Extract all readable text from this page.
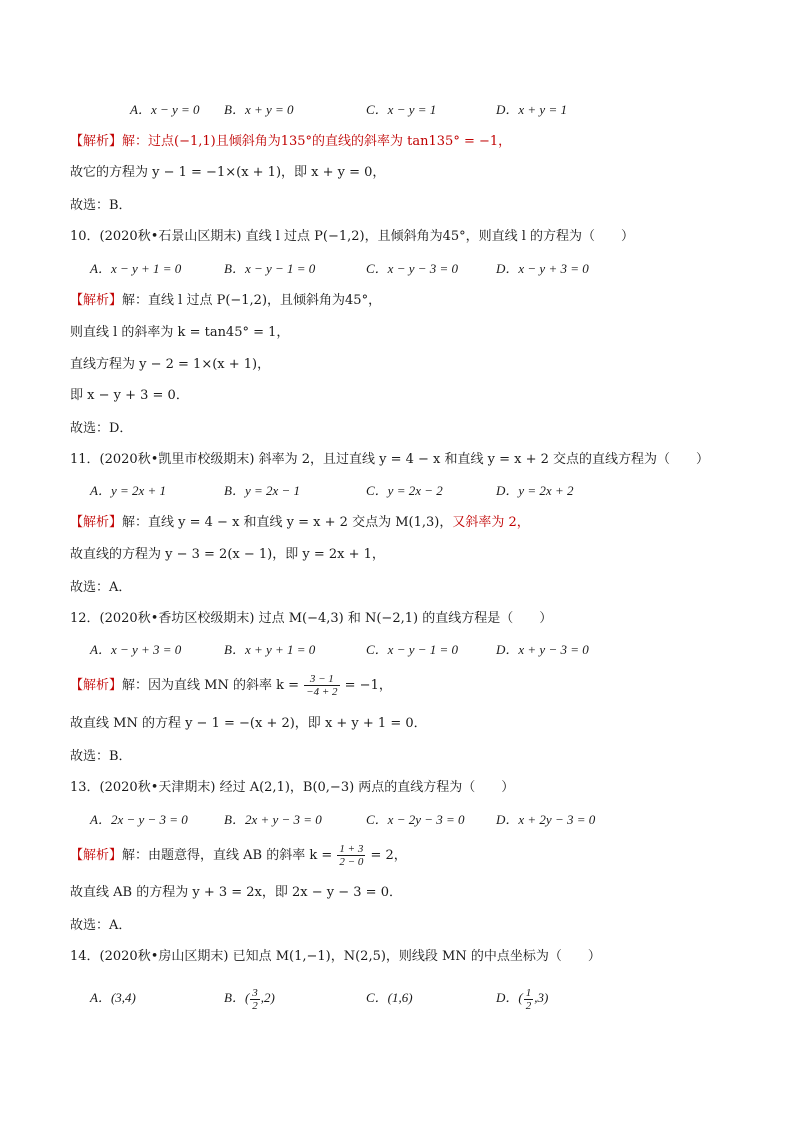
A．x − y = 0 B．x + y = 0	C．x − y = 1	D．x + y = 1
【解析】解：过点(−1,1)且倾斜角为135°的直线的斜率为 tan135° = −1，
故它的方程为 y − 1 = −1×(x + 1)，即 x + y = 0，
故选：B．
10．(2020秋•石景山区期末) 直线 l 过点 P(−1,2)，且倾斜角为45°，则直线 l 的方程为（　　）
A．x − y + 1 = 0	B．x − y − 1 = 0	C．x − y − 3 = 0	D．x − y + 3 = 0
【解析】解：直线 l 过点 P(−1,2)，且倾斜角为45°，
则直线 l 的斜率为 k = tan45° = 1，
直线方程为 y − 2 = 1×(x + 1)，
即 x − y + 3 = 0．
故选：D．
11．(2020秋•凯里市校级期末) 斜率为 2，且过直线 y = 4 − x 和直线 y = x + 2 交点的直线方程为（　　）
A．y = 2x + 1	B．y = 2x − 1	C．y = 2x − 2	D．y = 2x + 2
【解析】解：直线 y = 4 − x 和直线 y = x + 2 交点为 M(1,3)，又斜率为 2，
故直线的方程为 y − 3 = 2(x − 1)，即 y = 2x + 1，
故选：A．
12．(2020秋•香坊区校级期末) 过点 M(−4,3) 和 N(−2,1) 的直线方程是（　　）
A．x − y + 3 = 0	B．x + y + 1 = 0	C．x − y − 1 = 0	D．x + y − 3 = 0
【解析】解：因为直线 MN 的斜率 $k = \frac{3 - 1}{-4 + 2} = -1$，
故直线 MN 的方程 y − 1 = −(x + 2)，即 x + y + 1 = 0．
故选：B．
13．(2020秋•天津期末) 经过 A(2,1)，B(0,−3) 两点的直线方程为（　　）
A．2x − y − 3 = 0	B．2x + y − 3 = 0	C．x − 2y − 3 = 0 D．x + 2y − 3 = 0
【解析】解：由题意得，直线 AB 的斜率 $k = \frac{1 + 3}{2 - 0} = 2$，
故直线 AB 的方程为 y + 3 = 2x，即 2x − y − 3 = 0．
故选：A．
14．(2020秋•房山区期末) 已知点 M(1,−1)，N(2,5)，则线段 MN 的中点坐标为（　　）
A．(3,4)	B．( $\frac{3}{2} ,2$)	C．(1,6)	D．( $\frac{1}{2} ,3$)
